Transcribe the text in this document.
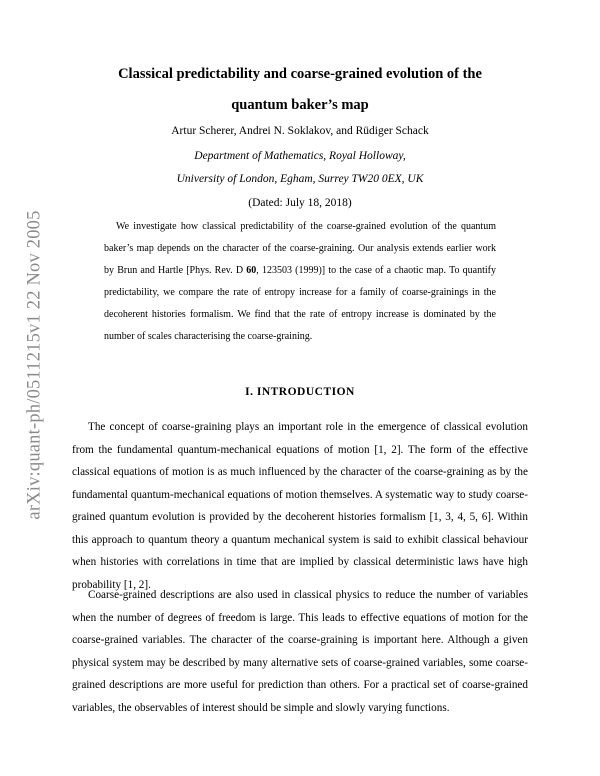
arXiv:quant-ph/0511215v1 22 Nov 2005
Classical predictability and coarse-grained evolution of the
quantum baker’s map
Artur Scherer, Andrei N. Soklakov, and Rüdiger Schack
Department of Mathematics, Royal Holloway,
University of London, Egham, Surrey TW20 0EX, UK
(Dated: July 18, 2018)
We investigate how classical predictability of the coarse-grained evolution of the quantum baker’s map depends on the character of the coarse-graining. Our analysis extends earlier work by Brun and Hartle [Phys. Rev. D 60, 123503 (1999)] to the case of a chaotic map. To quantify predictability, we compare the rate of entropy increase for a family of coarse-grainings in the decoherent histories formalism. We find that the rate of entropy increase is dominated by the number of scales characterising the coarse-graining.
I. INTRODUCTION
The concept of coarse-graining plays an important role in the emergence of classical evolution from the fundamental quantum-mechanical equations of motion [1, 2]. The form of the effective classical equations of motion is as much influenced by the character of the coarse-graining as by the fundamental quantum-mechanical equations of motion themselves. A systematic way to study coarse-grained quantum evolution is provided by the decoherent histories formalism [1, 3, 4, 5, 6]. Within this approach to quantum theory a quantum mechanical system is said to exhibit classical behaviour when histories with correlations in time that are implied by classical deterministic laws have high probability [1, 2].
Coarse-grained descriptions are also used in classical physics to reduce the number of variables when the number of degrees of freedom is large. This leads to effective equations of motion for the coarse-grained variables. The character of the coarse-graining is important here. Although a given physical system may be described by many alternative sets of coarse-grained variables, some coarse-grained descriptions are more useful for prediction than others. For a practical set of coarse-grained variables, the observables of interest should be simple and slowly varying functions.
